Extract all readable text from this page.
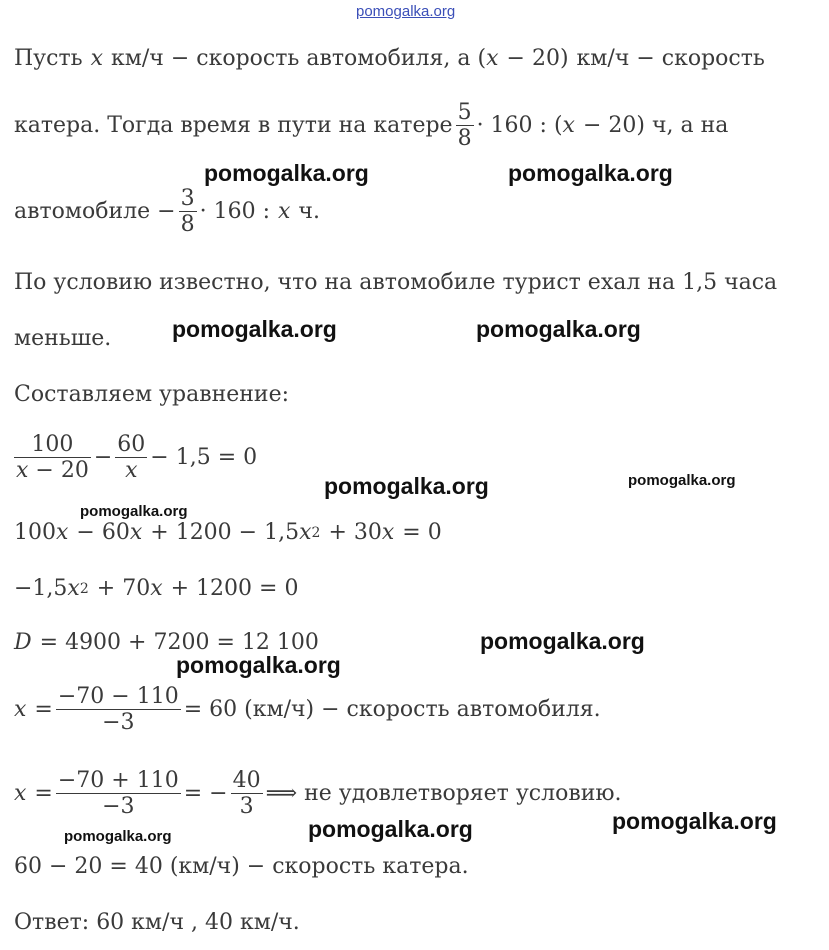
pomogalka.org
pomogalka.org	pomogalka.org
pomogalka.org	pomogalka.org
pomogalka.org	pomogalka.org
pomogalka.org
pomogalka.org
pomogalka.org
pomogalka.org	pomogalka.org
pomogalka.org
Пусть x км/ч − скорость автомобиля, а ( x − 20) км/ч − скорость
катера. Тогда время в пути на катере $\frac{5}{8} \cdot 160$ : ( x − 20) ч, а на
автомобиле − $\frac{3}{8} \cdot 160$ : x ч.
По условию известно, что на автомобиле турист ехал на 1,5 часа
меньше.
Составляем уравнение:
$\frac{100}{x - 20} - \frac{60}{x} - 1,5 = 0$
100 x − 60 x + 1200 − 1,5 x 2 + 30 x = 0
−1,5 x 2 + 70 x + 1200 = 0
D = 4900 + 7200 = 12 100
$x = \frac{-70 - 110}{-3} = 60$ (км/ч) − скорость автомобиля.
$x = \frac{-70 + 110}{-3}$ = − $\frac{40}{3}$ ⟹ не удовлетворяет условию.
60 − 20 = 40 (км/ч) − скорость катера.
Ответ: 60 км/ч , 40 км/ч.
